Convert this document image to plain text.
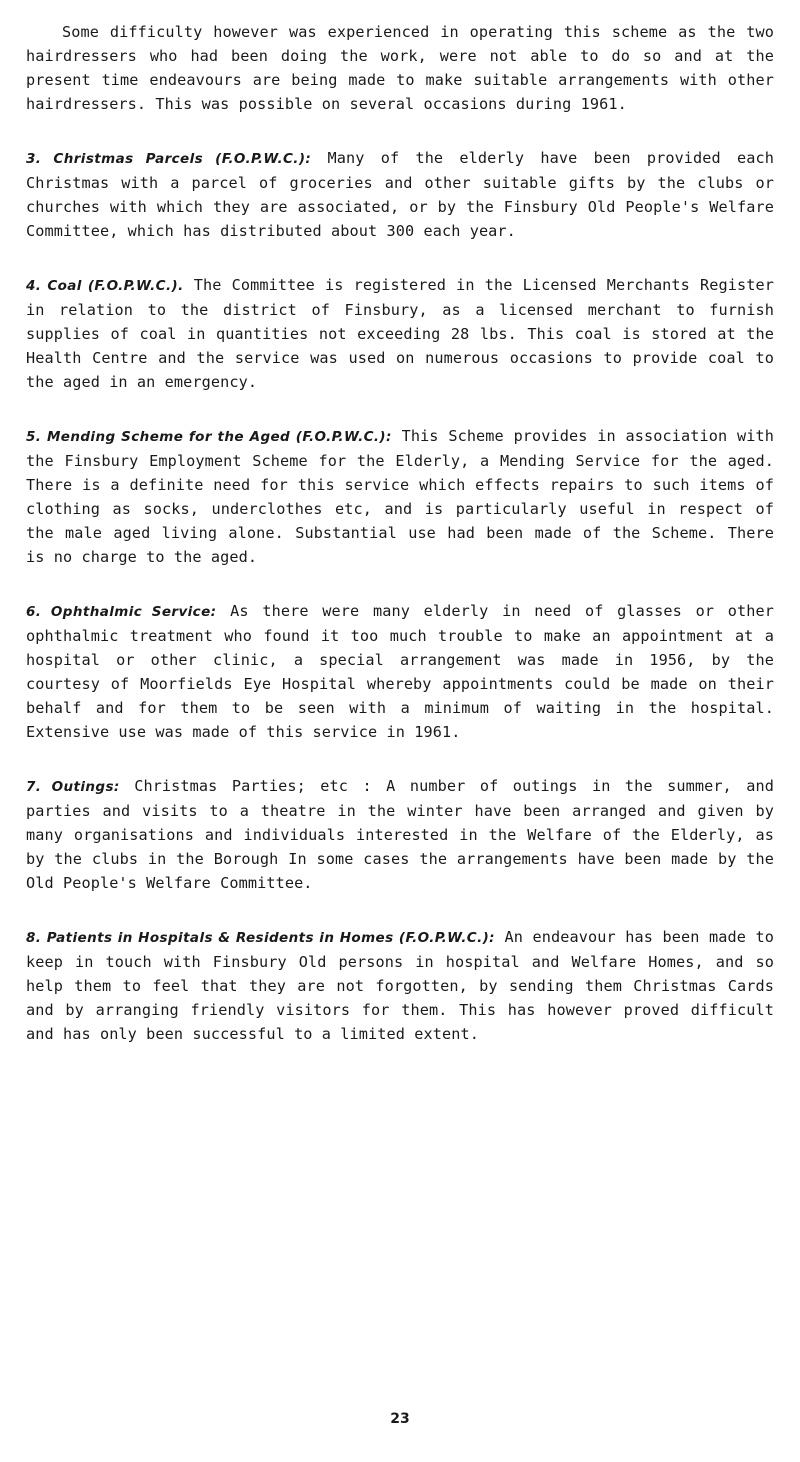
Some difficulty however was experienced in operating this scheme as the two hairdressers who had been doing the work, were not able to do so and at the present time endeavours are being made to make suitable arrangements with other hairdressers. This was possible on several occasions during 1961.

3. Christmas Parcels (F.O.P.W.C.): Many of the elderly have been provided each Christmas with a parcel of groceries and other suitable gifts by the clubs or churches with which they are associated, or by the Finsbury Old People's Welfare Committee, which has distributed about 300 each year.

4. Coal (F.O.P.W.C.). The Committee is registered in the Licensed Merchants Register in relation to the district of Finsbury, as a licensed merchant to furnish supplies of coal in quantities not exceeding 28 lbs. This coal is stored at the Health Centre and the service was used on numerous occasions to provide coal to the aged in an emergency.

5. Mending Scheme for the Aged (F.O.P.W.C.): This Scheme provides in association with the Finsbury Employment Scheme for the Elderly, a Mending Service for the aged. There is a definite need for this service which effects repairs to such items of clothing as socks, underclothes etc, and is particularly useful in respect of the male aged living alone. Substantial use had been made of the Scheme. There is no charge to the aged.

6. Ophthalmic Service: As there were many elderly in need of glasses or other ophthalmic treatment who found it too much trouble to make an appointment at a hospital or other clinic, a special arrangement was made in 1956, by the courtesy of Moorfields Eye Hospital whereby appointments could be made on their behalf and for them to be seen with a minimum of waiting in the hospital. Extensive use was made of this service in 1961.

7. Outings: Christmas Parties; etc : A number of outings in the summer, and parties and visits to a theatre in the winter have been arranged and given by many organisations and individuals interested in the Welfare of the Elderly, as by the clubs in the Borough In some cases the arrangements have been made by the Old People's Welfare Committee.

8. Patients in Hospitals & Residents in Homes (F.O.P.W.C.): An endeavour has been made to keep in touch with Finsbury Old persons in hospital and Welfare Homes, and so help them to feel that they are not forgotten, by sending them Christmas Cards and by arranging friendly visitors for them. This has however proved difficult and has only been successful to a limited extent.

23
